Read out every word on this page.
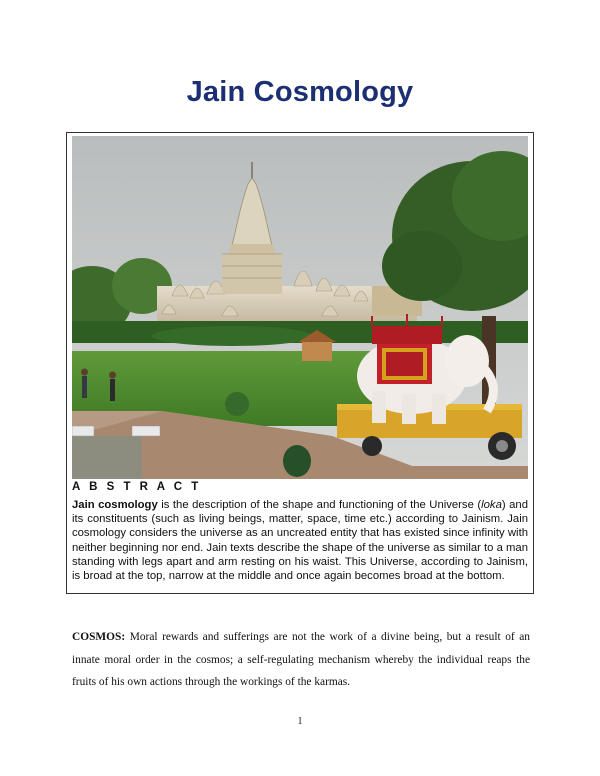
Jain Cosmology
A B S T R A C T
Jain cosmology is the description of the shape and functioning of the Universe (loka) and its constituents (such as living beings, matter, space, time etc.) according to Jainism. Jain cosmology considers the universe as an uncreated entity that has existed since infinity with neither beginning nor end. Jain texts describe the shape of the universe as similar to a man standing with legs apart and arm resting on his waist. This Universe, according to Jainism, is broad at the top, narrow at the middle and once again becomes broad at the bottom.
COSMOS: Moral rewards and sufferings are not the work of a divine being, but a result of an innate moral order in the cosmos; a self-regulating mechanism whereby the individual reaps the fruits of his own actions through the workings of the karmas.
1
